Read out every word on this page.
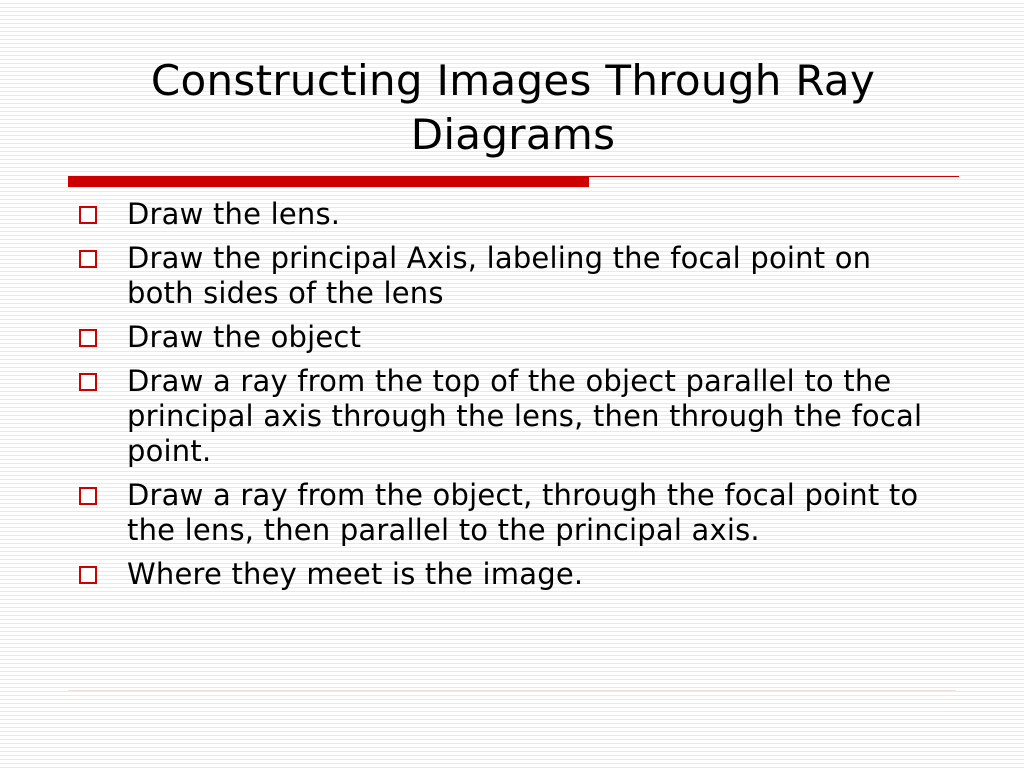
Constructing Images Through Ray Diagrams
Draw the lens.
Draw the principal Axis, labeling the focal point on both sides of the lens
Draw the object
Draw a ray from the top of the object parallel to the principal axis through the lens, then through the focal point.
Draw a ray from the object, through the focal point to the lens, then parallel to the principal axis.
Where they meet is the image.
